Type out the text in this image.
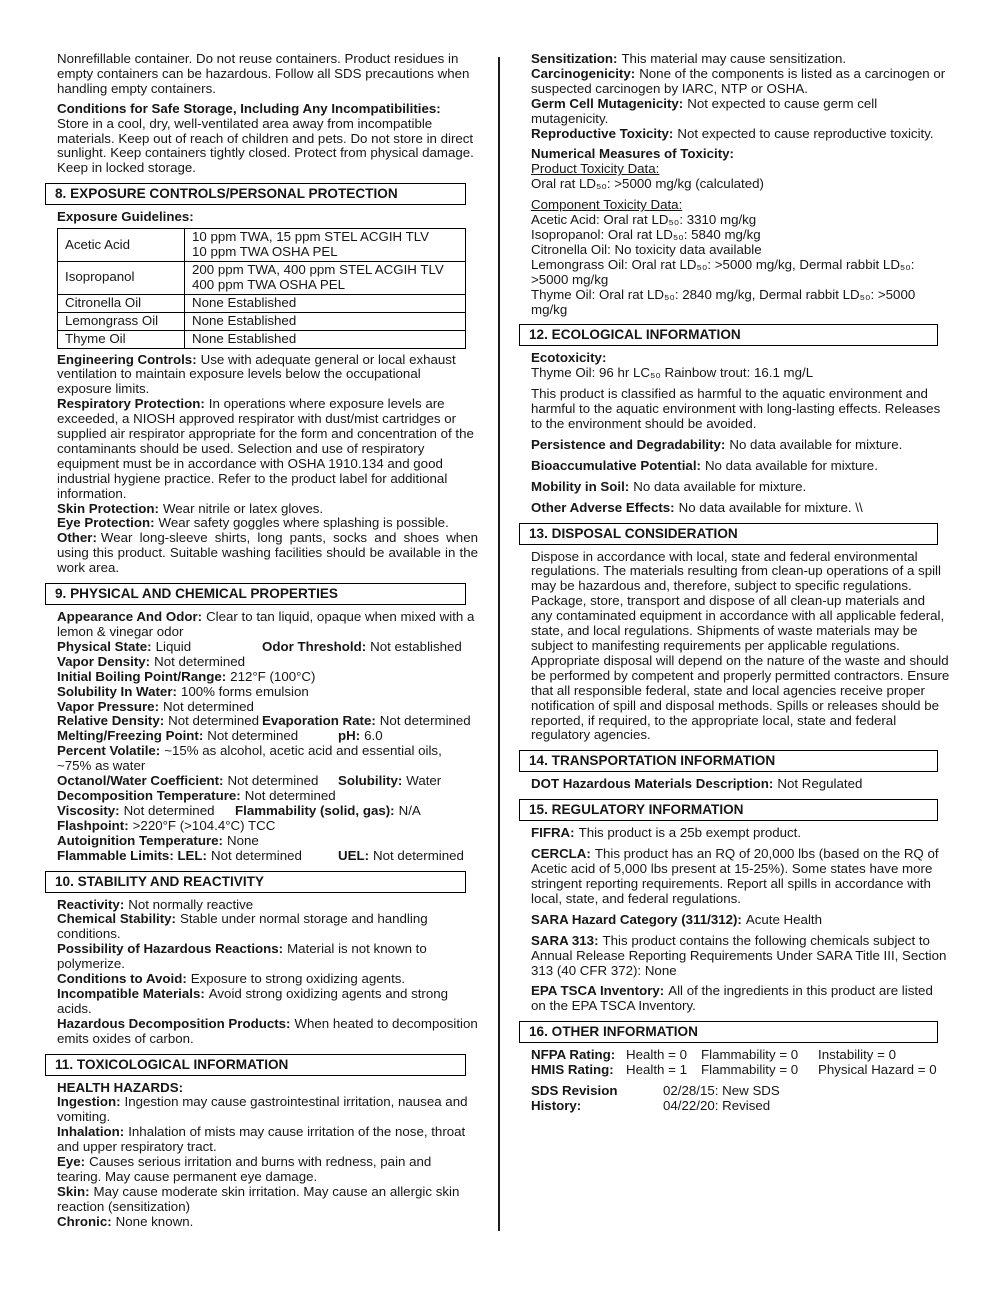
Nonrefillable container. Do not reuse containers. Product residues in empty containers can be hazardous. Follow all SDS precautions when handling empty containers.

Conditions for Safe Storage, Including Any Incompatibilities:

Store in a cool, dry, well-ventilated area away from incompatible materials. Keep out of reach of children and pets. Do not store in direct sunlight. Keep containers tightly closed. Protect from physical damage. Keep in locked storage.

8. EXPOSURE CONTROLS/PERSONAL PROTECTION
Exposure Guidelines:
Acetic Acid	10 ppm TWA, 15 ppm STEL ACGIH TLV
10 ppm TWA OSHA PEL

Isopropanol	200 ppm TWA, 400 ppm STEL ACGIH TLV
400 ppm TWA OSHA PEL

Citronella Oil	None Established
Lemongrass Oil	None Established
Thyme Oil	None Established

Engineering Controls: Use with adequate general or local exhaust ventilation to maintain exposure levels below the occupational exposure limits.

Respiratory Protection: In operations where exposure levels are exceeded, a NIOSH approved respirator with dust/mist cartridges or supplied air respirator appropriate for the form and concentration of the contaminants should be used. Selection and use of respiratory equipment must be in accordance with OSHA 1910.134 and good industrial hygiene practice. Refer to the product label for additional information.

Skin Protection: Wear nitrile or latex gloves.

Eye Protection: Wear safety goggles where splashing is possible.

Other: Wear long-sleeve shirts, long pants, socks and shoes when using this product. Suitable washing facilities should be available in the work area.

9. PHYSICAL AND CHEMICAL PROPERTIES

Appearance And Odor: Clear to tan liquid, opaque when mixed with a lemon & vinegar odor

Physical State: Liquid	Odor Threshold: Not established

Vapor Density: Not determined

Initial Boiling Point/Range: 212°F (100°C)

Solubility In Water: 100% forms emulsion

Vapor Pressure: Not determined

Relative Density: Not determined Evaporation Rate: Not determined
Melting/Freezing Point: Not determined	pH: 6.0

Percent Volatile: ~15% as alcohol, acetic acid and essential oils, ~75% as water

Octanol/Water Coefficient: Not determined	Solubility: Water

Decomposition Temperature: Not determined

Viscosity: Not determined	Flammability (solid, gas): N/A

Flashpoint: >220°F (>104.4°C) TCC

Autoignition Temperature: None

Flammable Limits: LEL: Not determined	UEL: Not determined
10. STABILITY AND REACTIVITY

Reactivity: Not normally reactive

Chemical Stability: Stable under normal storage and handling conditions.

Possibility of Hazardous Reactions: Material is not known to polymerize.

Conditions to Avoid: Exposure to strong oxidizing agents.

Incompatible Materials: Avoid strong oxidizing agents and strong acids.

Hazardous Decomposition Products: When heated to decomposition emits oxides of carbon.

11. TOXICOLOGICAL INFORMATION
HEALTH HAZARDS:

Ingestion: Ingestion may cause gastrointestinal irritation, nausea and vomiting.

Inhalation: Inhalation of mists may cause irritation of the nose, throat and upper respiratory tract.

Eye: Causes serious irritation and burns with redness, pain and tearing. May cause permanent eye damage.

Skin: May cause moderate skin irritation. May cause an allergic skin reaction (sensitization)

Chronic: None known.

Sensitization: This material may cause sensitization.

Carcinogenicity: None of the components is listed as a carcinogen or suspected carcinogen by IARC, NTP or OSHA.

Germ Cell Mutagenicity: Not expected to cause germ cell mutagenicity.

Reproductive Toxicity: Not expected to cause reproductive toxicity.

Numerical Measures of Toxicity:

Product Toxicity Data:

Oral rat LD₅₀: >5000 mg/kg (calculated)

Component Toxicity Data:

Acetic Acid: Oral rat LD₅₀: 3310 mg/kg

Isopropanol: Oral rat LD₅₀: 5840 mg/kg

Citronella Oil: No toxicity data available

Lemongrass Oil: Oral rat LD₅₀: >5000 mg/kg, Dermal rabbit LD₅₀: >5000 mg/kg

Thyme Oil: Oral rat LD₅₀: 2840 mg/kg, Dermal rabbit LD₅₀: >5000 mg/kg

12. ECOLOGICAL INFORMATION
Ecotoxicity:

Thyme Oil: 96 hr LC₅₀ Rainbow trout: 16.1 mg/L

This product is classified as harmful to the aquatic environment and harmful to the aquatic environment with long-lasting effects. Releases to the environment should be avoided.

Persistence and Degradability: No data available for mixture.

Bioaccumulative Potential: No data available for mixture.

Mobility in Soil: No data available for mixture.

Other Adverse Effects: No data available for mixture. \\

13. DISPOSAL CONSIDERATION

Dispose in accordance with local, state and federal environmental regulations. The materials resulting from clean-up operations of a spill may be hazardous and, therefore, subject to specific regulations. Package, store, transport and dispose of all clean-up materials and any contaminated equipment in accordance with all applicable federal, state, and local regulations. Shipments of waste materials may be subject to manifesting requirements per applicable regulations. Appropriate disposal will depend on the nature of the waste and should be performed by competent and properly permitted contractors. Ensure that all responsible federal, state and local agencies receive proper notification of spill and disposal methods. Spills or releases should be reported, if required, to the appropriate local, state and federal regulatory agencies.

14. TRANSPORTATION INFORMATION

DOT Hazardous Materials Description: Not Regulated

15. REGULATORY INFORMATION

FIFRA: This product is a 25b exempt product.

CERCLA: This product has an RQ of 20,000 lbs (based on the RQ of Acetic acid of 5,000 lbs present at 15-25%). Some states have more stringent reporting requirements. Report all spills in accordance with local, state, and federal regulations.

SARA Hazard Category (311/312): Acute Health

SARA 313: This product contains the following chemicals subject to Annual Release Reporting Requirements Under SARA Title III, Section 313 (40 CFR 372): None

EPA TSCA Inventory: All of the ingredients in this product are listed on the EPA TSCA Inventory.

16. OTHER INFORMATION
NFPA Rating: Health = 0	Flammability = 0	Instability = 0
HMIS Rating: Health = 1	Flammability = 0	Physical Hazard = 0
SDS Revision History:
02/28/15: New SDS
04/22/20: Revised
